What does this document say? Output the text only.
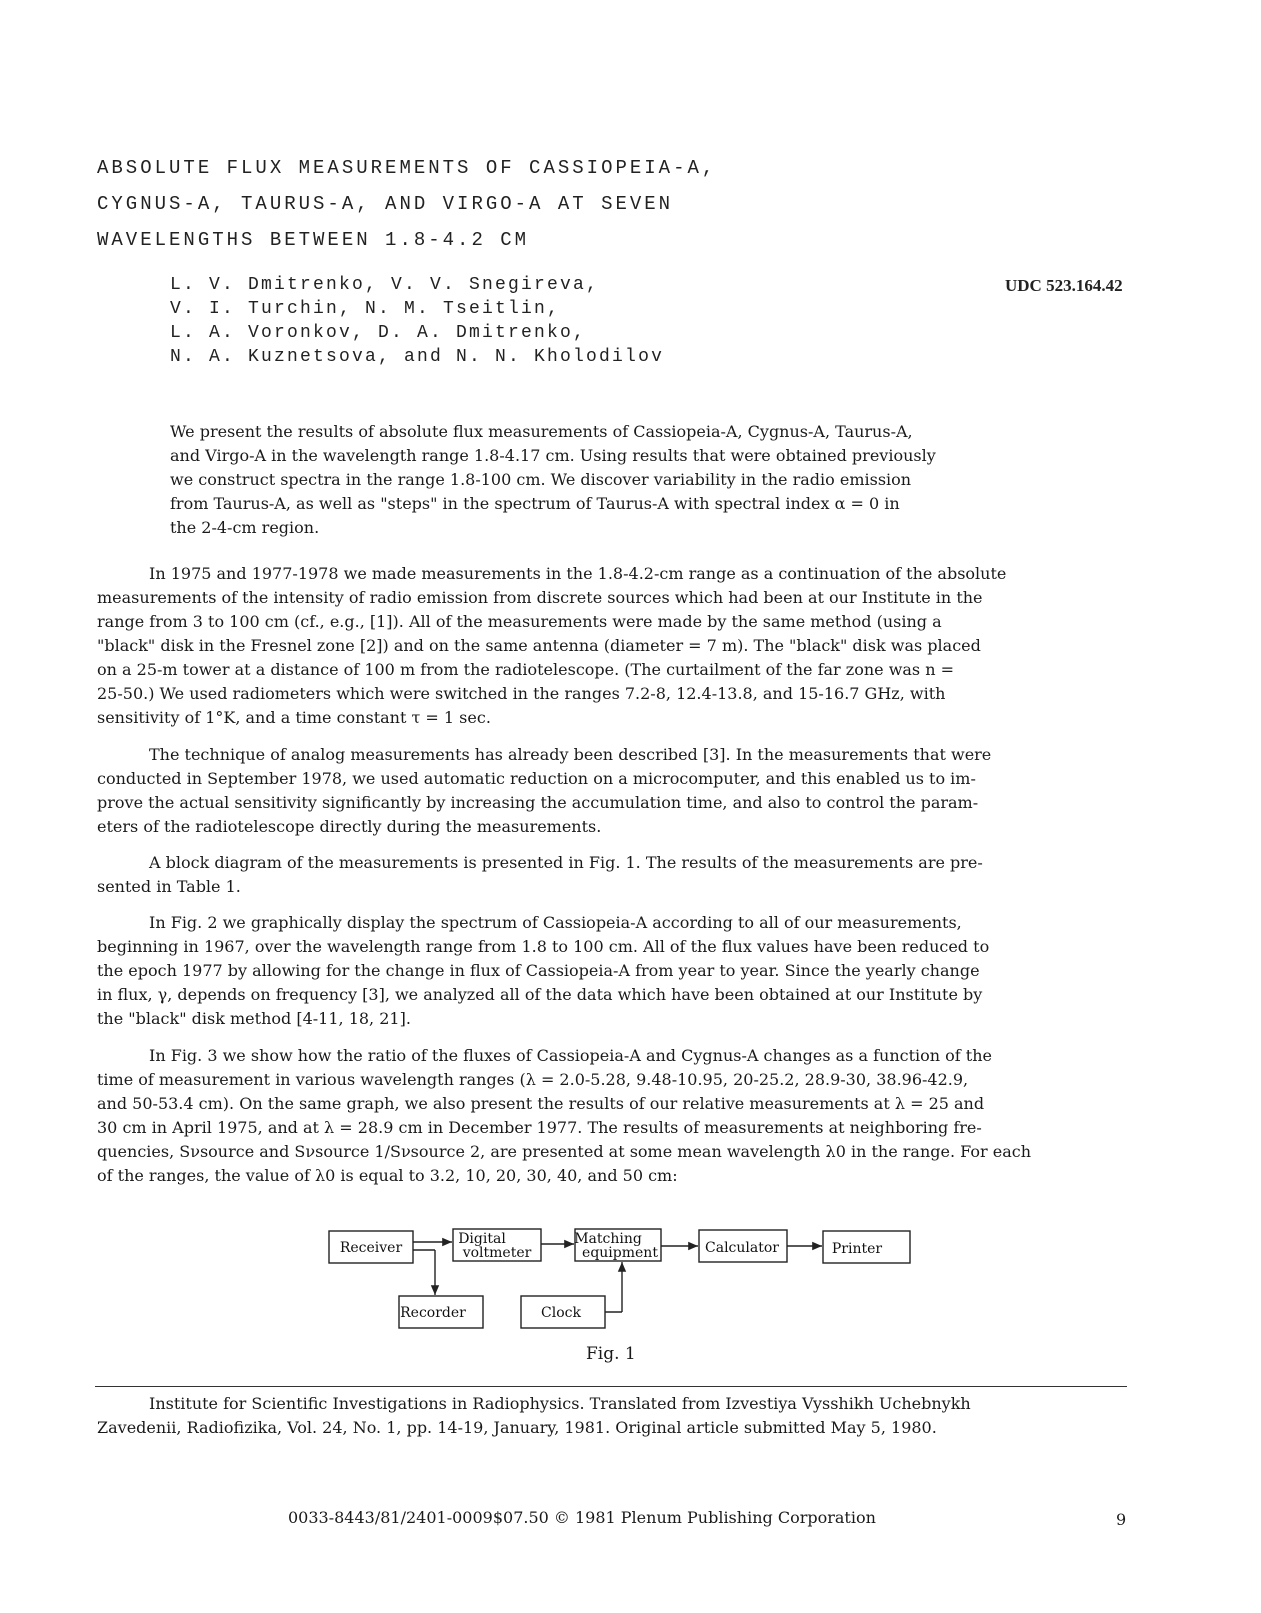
ABSOLUTE FLUX MEASUREMENTS OF CASSIOPEIA-A,
CYGNUS-A, TAURUS-A, AND VIRGO-A AT SEVEN
WAVELENGTHS BETWEEN 1.8-4.2 CM
L. V. Dmitrenko, V. V. Snegireva,
V. I. Turchin, N. M. Tseitlin,
L. A. Voronkov, D. A. Dmitrenko,
N. A. Kuznetsova, and N. N. Kholodilov
UDC 523.164.42
We present the results of absolute flux measurements of Cassiopeia-A, Cygnus-A, Taurus-A,
and Virgo-A in the wavelength range 1.8-4.17 cm. Using results that were obtained previously
we construct spectra in the range 1.8-100 cm. We discover variability in the radio emission
from Taurus-A, as well as "steps" in the spectrum of Taurus-A with spectral index α = 0 in
the 2-4-cm region.
In 1975 and 1977-1978 we made measurements in the 1.8-4.2-cm range as a continuation of the absolute
measurements of the intensity of radio emission from discrete sources which had been at our Institute in the
range from 3 to 100 cm (cf., e.g., [1]). All of the measurements were made by the same method (using a
"black" disk in the Fresnel zone [2]) and on the same antenna (diameter = 7 m). The "black" disk was placed
on a 25-m tower at a distance of 100 m from the radiotelescope. (The curtailment of the far zone was n =
25-50.) We used radiometers which were switched in the ranges 7.2-8, 12.4-13.8, and 15-16.7 GHz, with
sensitivity of 1°K, and a time constant τ = 1 sec.
The technique of analog measurements has already been described [3]. In the measurements that were
conducted in September 1978, we used automatic reduction on a microcomputer, and this enabled us to im-
prove the actual sensitivity significantly by increasing the accumulation time, and also to control the param-
eters of the radiotelescope directly during the measurements.
A block diagram of the measurements is presented in Fig. 1. The results of the measurements are pre-
sented in Table 1.
In Fig. 2 we graphically display the spectrum of Cassiopeia-A according to all of our measurements,
beginning in 1967, over the wavelength range from 1.8 to 100 cm. All of the flux values have been reduced to
the epoch 1977 by allowing for the change in flux of Cassiopeia-A from year to year. Since the yearly change
in flux, γ, depends on frequency [3], we analyzed all of the data which have been obtained at our Institute by
the "black" disk method [4-11, 18, 21].
In Fig. 3 we show how the ratio of the fluxes of Cassiopeia-A and Cygnus-A changes as a function of the
time of measurement in various wavelength ranges (λ = 2.0-5.28, 9.48-10.95, 20-25.2, 28.9-30, 38.96-42.9,
and 50-53.4 cm). On the same graph, we also present the results of our relative measurements at λ = 25 and
30 cm in April 1975, and at λ = 28.9 cm in December 1977. The results of measurements at neighboring fre-
quencies, Sνsource and Sνsource 1/Sνsource 2, are presented at some mean wavelength λ0 in the range. For each
of the ranges, the value of λ0 is equal to 3.2, 10, 20, 30, 40, and 50 cm:
Receiver
Digital
voltmeter
Matching
equipment	Calculator	Printer
Recorder	Clock
Fig. 1
Institute for Scientific Investigations in Radiophysics. Translated from Izvestiya Vysshikh Uchebnykh
Zavedenii, Radiofizika, Vol. 24, No. 1, pp. 14-19, January, 1981. Original article submitted May 5, 1980.
0033-8443/81/2401-0009$07.50 © 1981 Plenum Publishing Corporation	9
